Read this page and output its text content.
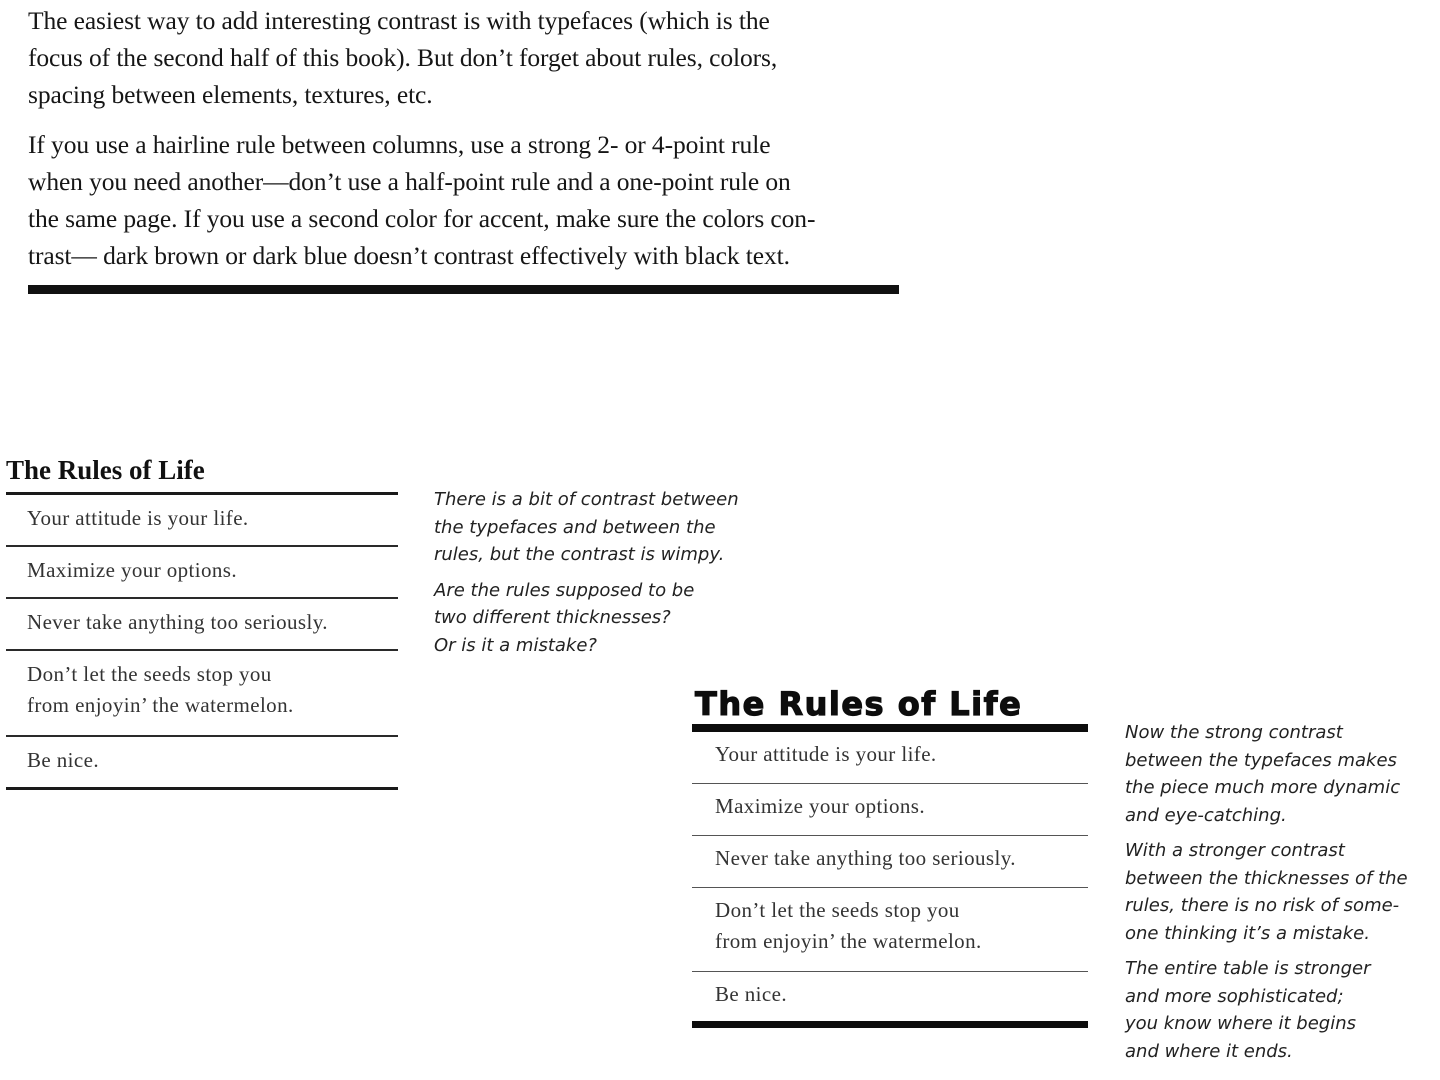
The easiest way to add interesting contrast is with typefaces (which is the
focus of the second half of this book). But don’t forget about rules, colors,
spacing between elements, textures, etc.

If you use a hairline rule between columns, use a strong 2- or 4-point rule
when you need another—don’t use a half-point rule and a one-point rule on
the same page. If you use a second color for accent, make sure the colors con-
trast— dark brown or dark blue doesn’t contrast effectively with black text.

The Rules of Life
Your attitude is your life.
Maximize your options.
Never take anything too seriously.
Don’t let the seeds stop you
from enjoyin’ the watermelon.
Be nice.

There is a bit of contrast between
the typefaces and between the
rules, but the contrast is wimpy.

Are the rules supposed to be
two different thicknesses?
Or is it a mistake?

The Rules of Life
Your attitude is your life.
Maximize your options.
Never take anything too seriously.
Don’t let the seeds stop you
from enjoyin’ the watermelon.
Be nice.

Now the strong contrast
between the typefaces makes
the piece much more dynamic
and eye-catching.

With a stronger contrast
between the thicknesses of the
rules, there is no risk of some-
one thinking it’s a mistake.

The entire table is stronger
and more sophisticated;
you know where it begins
and where it ends.
